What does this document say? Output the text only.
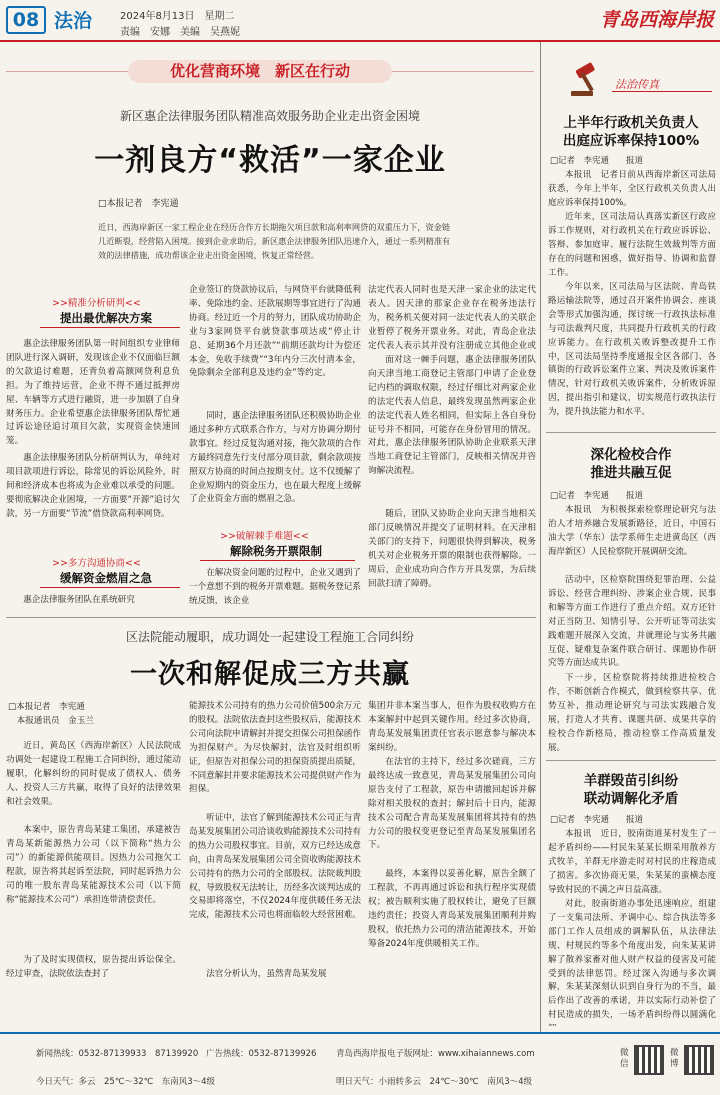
08 法治	2024年8月13日　星期二
责编　安娜　美编　吴燕妮
青岛西海岸报
优化营商环境　新区在行动
新区惠企法律服务团队精准高效服务助企业走出资金困境
一剂良方“救活”一家企业
□本报记者　李宪通
近日，西海岸新区一家工程企业在经历合作方长期拖欠项目款和高利率网贷的双重压力下，资金链几近断裂，经营陷入困境。接到企业求助后，新区惠企法律服务团队迅速介入，通过一系列精准有效的法律措施，成功帮该企业走出资金困境，恢复正常经营。
>>精准分析研判<<
提出最优解决方案
惠企法律服务团队第一时间组织专业律师团队进行深入调研，发现该企业不仅面临巨额的欠款追讨难题，还背负着高额网贷利息负担。为了维持运营，企业不得不通过抵押房屋、车辆等方式进行融资，进一步加剧了自身财务压力。企业希望惠企法律服务团队帮忙通过诉讼途径追讨项目欠款，实现资金快速回笼。
惠企法律服务团队分析研判认为，单纯对项目款项进行诉讼，除常见的诉讼风险外，时间和经济成本也将成为企业难以承受的问题。要彻底解决企业困境，一方面要“开源”追讨欠款，另一方面要“节流”借贷款高利率网贷。
>>多方沟通协商<<
缓解资金燃眉之急
惠企法律服务团队在系统研究
企业签订的贷款协议后，与网贷平台就降低利率、免除违约金、还款展期等事宜进行了沟通协商。经过近一个月的努力，团队成功协助企业与3家网贷平台就贷款事项达成“停止计息、延期36个月还款”“前期还款均计为偿还本金，免收手续费”“3年内分三次付清本金，免除剩余全部利息及违约金”等约定。
同时，惠企法律服务团队还积极协助企业通过多种方式联系合作方，与对方协调分期付款事宜。经过反复沟通对接，拖欠款项的合作方最终同意先行支付部分项目款，剩余款项按照双方协商的时间点按期支付。这不仅缓解了企业短期内的资金压力，也在最大程度上缓解了企业资金方面的燃眉之急。
>>破解棘手难题<<
解除税务开票限制
在解决资金问题的过程中，企业又遇到了一个意想不到的税务开票难题。据税务登记系统反馈，该企业
法定代表人同时也是天津一家企业的法定代表人。因天津的那家企业存在税务违法行为，税务机关便对同一法定代表人的关联企业暂停了税务开票业务。对此，青岛企业法定代表人表示其并没有注册成立其他企业或
面对这一棘手问题，惠企法律服务团队向天津当地工商登记主管部门申请了企业登记内档的调取权限，经过仔细比对两家企业的法定代表人信息，最终发现虽然两家企业的法定代表人姓名相同，但实际上各自身份证号并不相同，可能存在身份冒用的情况。对此，惠企法律服务团队协助企业联系天津当地工商登记主管部门，反映相关情况并咨询解决流程。
随后，团队又协助企业向天津当地相关部门反映情况并提交了证明材料。在天津相关部门的支持下，问题很快得到解决，税务机关对企业税务开票的限制也获得解除。一周后，企业成功向合作方开具发票，为后续回款扫清了障碍。
区法院能动履职，成功调处一起建设工程施工合同纠纷
一次和解促成三方共赢
□本报记者　李宪通
　本报通讯员　金玉兰
近日，黄岛区（西海岸新区）人民法院成功调处一起建设工程施工合同纠纷，通过能动履职，化解纠纷的同时促成了债权人、债务人、投资人三方共赢，取得了良好的法律效果和社会效果。
本案中，原告青岛某建工集团，承建被告青岛某新能源热力公司（以下简称“热力公司”）的新能源供能项目。因热力公司拖欠工程款，原告将其起诉至法院，同时起诉热力公司的唯一股东青岛某能源技术公司（以下简称“能源技术公司”）承担连带清偿责任。
为了及时实现债权，原告提出诉讼保全。经过审查，法院依法查封了
能源技术公司持有的热力公司价值500余万元的股权。法院依法查封这些股权后，能源技术公司向法院申请解封并提交担保公司担保函作为担保财产。为尽快解封，法官及时组织听证，但原告对担保公司的担保资质提出质疑，不同意解封并要求能源技术公司提供财产作为担保。
听证中，法官了解到能源技术公司正与青岛某发展集团公司洽谈收购能源技术公司持有的热力公司股权事宜。目前，双方已经达成意向，由青岛某发展集团公司全资收购能源技术公司持有的热力公司的全部股权。法院裁判股权，导致股权无法转让，历经多次谈判达成的交易即将落空，不仅2024年度供暖任务无法完成，能源技术公司也将面临较大经营困难。
法官分析认为，虽然青岛某发展
集团并非本案当事人，但作为股权收购方在本案解封中起到关键作用。经过多次协商，青岛某发展集团责任官表示愿意参与解决本案纠纷。
在法官的主持下，经过多次磋商，三方最终达成一致意见，青岛某发展集团公司向原告支付了工程款，原告申请撤回起诉并解除对相关股权的查封；解封后十日内，能源技术公司配合青岛某发展集团将其持有的热力公司的股权变更登记至青岛某发展集团名下。
最终，本案得以妥善化解，原告全额了工程款，不再再通过诉讼和执行程序实现债权；被告顺利实施了股权转让，避免了巨额违约责任；投资人青岛某发展集团顺利并购股权，依托热力公司的清洁能源技术，开始筹备2024年度供暖相关工作。
法治传真
上半年行政机关负责人
出庭应诉率保持100%
□记者　李宪通　　报道
本报讯　记者日前从西海岸新区司法局获悉，今年上半年，全区行政机关负责人出庭应诉率保持100%。
近年来，区司法局认真落实新区行政应诉工作规则，对行政机关在行政应诉诉讼、答辩、参加庭审、履行法院生效裁判等方面存在的问题和困惑，做好指导、协调和监督工作。
今年以来，区司法局与区法院、青岛铁路运输法院等，通过召开案件协调会、座谈会等形式加强沟通，探讨统一行政执法标准与司法裁判尺度，共同提升行政机关的行政应诉能力。在行政机关败诉整改提升工作中，区司法局坚持季度通报全区各部门、各镇街的行政诉讼案件立案、判决及败诉案件情况，针对行政机关败诉案件，分析败诉原因，提出指引和建议，切实规范行政执法行为，提升执法能力和水平。
深化检校合作
推进共融互促
□记者　李宪通　　报道
本报讯　为积极探索检察理论研究与法治人才培养融合发展新路径，近日，中国石油大学（华东）法学系师生走进黄岛区（西海岸新区）人民检察院开展调研交流。
活动中，区检察院围绕犯罪治理、公益诉讼、经营合理纠纷、涉案企业合规、民事和解等方面工作进行了重点介绍。双方还针对正当防卫、知情引导、公开听证等司法实践难题开展深入交流，并就理论与实务共融互促、疑难复杂案件联合研讨、课题协作研究等方面达成共识。
下一步，区检察院将持续推进检校合作，不断创新合作模式，做到检察共享、优势互补，推动理论研究与司法实践融合发展，打造人才共育、课题共研、成果共享的检校合作新格局，推动检察工作高质量发展。
羊群毁苗引纠纷
联动调解化矛盾
□记者　李宪通　　报道
本报讯　近日，胶南街道某村发生了一起矛盾纠纷——村民朱某某长期采用散养方式牧羊，羊群无序游走时对村民的庄稼造成了损害。多次协商无果，朱某某的蛮横态度导致村民的不满之声日益高涨。
对此，胶南街道办事处迅速响应，组建了一支集司法所、矛调中心、综合执法等多部门工作人员组成的调解队伍，从法律法规、村规民约等多个角度出发，向朱某某讲解了散养家畜对他人财产权益的侵害及可能受到的法律惩罚。经过深入沟通与多次调解，朱某某深刻认识到自身行为的不当，最后作出了改善的承诺，并以实际行动补偿了村民造成的损失，一场矛盾纠纷得以圆满化
新闻热线：0532-87139933　87139920 广告热线：0532-87139926 青岛西海岸报电子版网址：www.xihaiannews.com
今日天气：多云　25℃～32℃　东南风3～4级	明日天气：小雨转多云　24℃～30℃　南风3～4级
微信
微博
